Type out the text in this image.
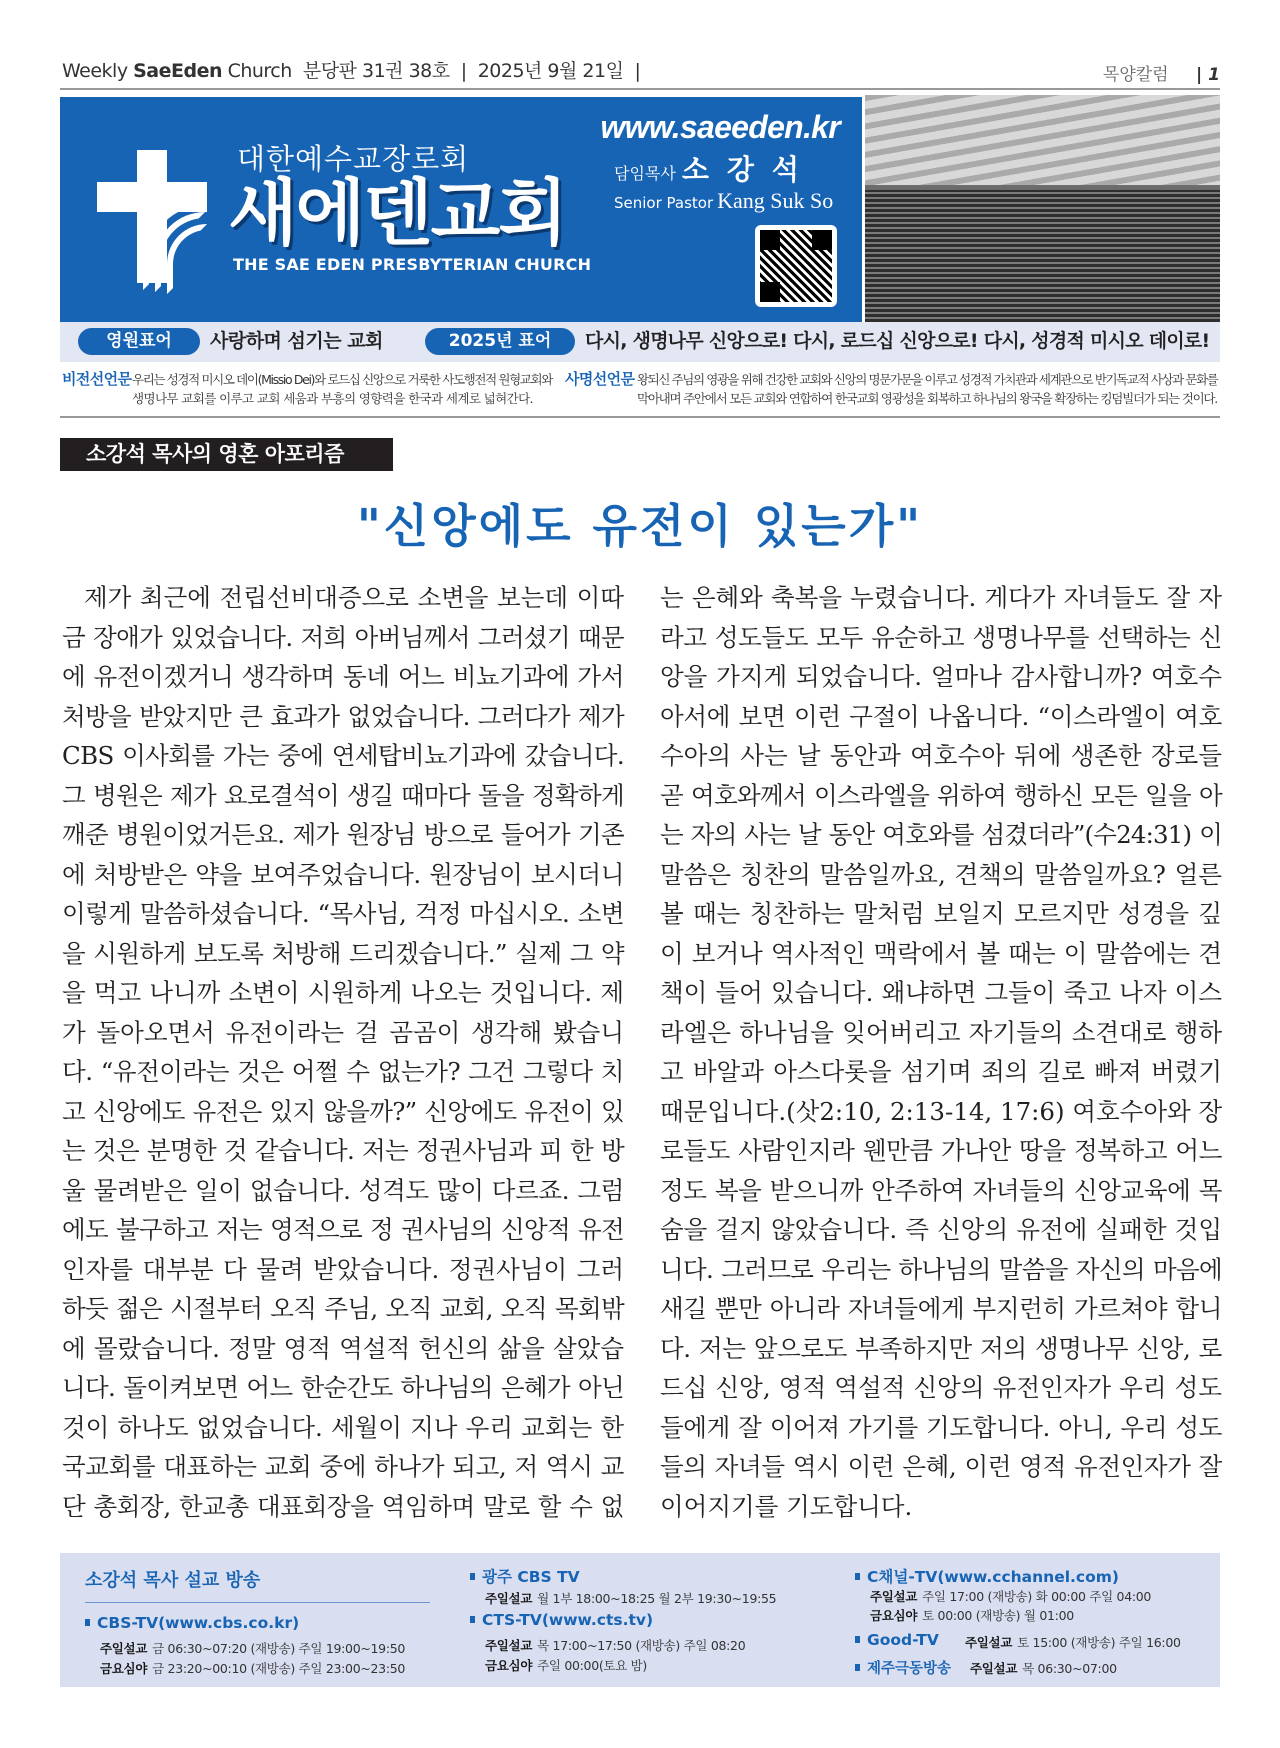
Weekly SaeEden Church 분당판 31권 38호 | 2025년 9월 21일 |	목양칼럼 | 1
대한예수교장로회
새에덴교회
THE SAE EDEN PRESBYTERIAN CHURCH
www.saeeden.kr
담임목사 소강석
Senior Pastor Kang Suk So
영원표어	사랑하며 섬기는 교회	2025년 표어	다시, 생명나무 신앙으로! 다시, 로드십 신앙으로! 다시, 성경적 미시오 데이로!
비전선언문 우리는 성경적 미시오 데이(Missio Dei)와 로드십 신앙으로 거룩한 사도행전적 원형교회와
생명나무 교회를 이루고 교회 세움과 부흥의 영향력을 한국과 세계로 넓혀간다.
사명선언문 왕되신 주님의 영광을 위해 건강한 교회와 신앙의 명문가문을 이루고 성경적 가치관과 세계관으로 반기독교적 사상과 문화를
막아내며 주안에서 모든 교회와 연합하여 한국교회 영광성을 회복하고 하나님의 왕국을 확장하는 킹덤빌더가 되는 것이다.
소강석 목사의 영혼 아포리즘
"신앙에도 유전이 있는가"
제가 최근에 전립선비대증으로 소변을 보는데 이따
금 장애가 있었습니다. 저희 아버님께서 그러셨기 때문
에 유전이겠거니 생각하며 동네 어느 비뇨기과에 가서
처방을 받았지만 큰 효과가 없었습니다. 그러다가 제가
CBS 이사회를 가는 중에 연세탑비뇨기과에 갔습니다.
그 병원은 제가 요로결석이 생길 때마다 돌을 정확하게
깨준 병원이었거든요. 제가 원장님 방으로 들어가 기존
에 처방받은 약을 보여주었습니다. 원장님이 보시더니
이렇게 말씀하셨습니다. “목사님, 걱정 마십시오. 소변
을 시원하게 보도록 처방해 드리겠습니다.” 실제 그 약
을 먹고 나니까 소변이 시원하게 나오는 것입니다. 제
가 돌아오면서 유전이라는 걸 곰곰이 생각해 봤습니
다. “유전이라는 것은 어쩔 수 없는가? 그건 그렇다 치
고 신앙에도 유전은 있지 않을까?” 신앙에도 유전이 있
는 것은 분명한 것 같습니다. 저는 정권사님과 피 한 방
울 물려받은 일이 없습니다. 성격도 많이 다르죠. 그럼
에도 불구하고 저는 영적으로 정 권사님의 신앙적 유전
인자를 대부분 다 물려 받았습니다. 정권사님이 그러
하듯 젊은 시절부터 오직 주님, 오직 교회, 오직 목회밖
에 몰랐습니다. 정말 영적 역설적 헌신의 삶을 살았습
니다. 돌이켜보면 어느 한순간도 하나님의 은혜가 아닌
것이 하나도 없었습니다. 세월이 지나 우리 교회는 한
국교회를 대표하는 교회 중에 하나가 되고, 저 역시 교
단 총회장, 한교총 대표회장을 역임하며 말로 할 수 없
는 은혜와 축복을 누렸습니다. 게다가 자녀들도 잘 자
라고 성도들도 모두 유순하고 생명나무를 선택하는 신
앙을 가지게 되었습니다. 얼마나 감사합니까? 여호수
아서에 보면 이런 구절이 나옵니다. “이스라엘이 여호
수아의 사는 날 동안과 여호수아 뒤에 생존한 장로들
곧 여호와께서 이스라엘을 위하여 행하신 모든 일을 아
는 자의 사는 날 동안 여호와를 섬겼더라”(수24:31) 이
말씀은 칭찬의 말씀일까요, 견책의 말씀일까요? 얼른
볼 때는 칭찬하는 말처럼 보일지 모르지만 성경을 깊
이 보거나 역사적인 맥락에서 볼 때는 이 말씀에는 견
책이 들어 있습니다. 왜냐하면 그들이 죽고 나자 이스
라엘은 하나님을 잊어버리고 자기들의 소견대로 행하
고 바알과 아스다롯을 섬기며 죄의 길로 빠져 버렸기
때문입니다.(삿2:10, 2:13-14, 17:6) 여호수아와 장
로들도 사람인지라 웬만큼 가나안 땅을 정복하고 어느
정도 복을 받으니까 안주하여 자녀들의 신앙교육에 목
숨을 걸지 않았습니다. 즉 신앙의 유전에 실패한 것입
니다. 그러므로 우리는 하나님의 말씀을 자신의 마음에
새길 뿐만 아니라 자녀들에게 부지런히 가르쳐야 합니
다. 저는 앞으로도 부족하지만 저의 생명나무 신앙, 로
드십 신앙, 영적 역설적 신앙의 유전인자가 우리 성도
들에게 잘 이어져 가기를 기도합니다. 아니, 우리 성도
들의 자녀들 역시 이런 은혜, 이런 영적 유전인자가 잘
이어지기를 기도합니다.
소강석 목사 설교 방송
CBS-TV(www.cbs.co.kr)
주일설교 금 06:30~07:20 (재방송) 주일 19:00~19:50
금요심야 금 23:20~00:10 (재방송) 주일 23:00~23:50
광주 CBS TV
주일설교 월 1부 18:00~18:25 월 2부 19:30~19:55
CTS-TV(www.cts.tv)
주일설교 목 17:00~17:50 (재방송) 주일 08:20
금요심야 주일 00:00(토요 밤)
C채널-TV(www.cchannel.com)
주일설교 주일 17:00 (재방송) 화 00:00 주일 04:00
금요심야 토 00:00 (재방송) 월 01:00
Good-TV 주일설교 토 15:00 (재방송) 주일 16:00
제주극동방송 주일설교 목 06:30~07:00
